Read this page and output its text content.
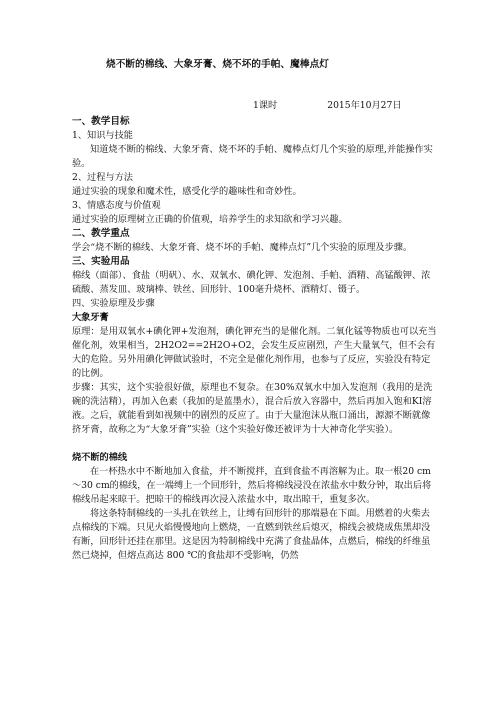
烧不断的棉线、大象牙膏、烧不坏的手帕、魔棒点灯
1课时	2015年10月27日
一、教学目标

1、知识与技能

知道烧不断的棉线、大象牙膏、烧不坏的手帕、魔棒点灯几个实验的原理,并能操作实验。

2、过程与方法

通过实验的现象和魔术性，感受化学的趣味性和奇妙性。

3、情感态度与价值观

通过实验的原理树立正确的价值观，培养学生的求知欲和学习兴趣。

二、教学重点

学会“烧不断的棉线、大象牙膏、烧不坏的手帕、魔棒点灯”几个实验的原理及步骤。

三、实验用品

棉线（面部）、食盐（明矾）、水、双氧水、碘化钾、发泡剂、手帕、酒精、高锰酸钾、浓硫酸、蒸发皿、玻璃棒、铁丝、回形针、100毫升烧杯、酒精灯、镊子。

四、实验原理及步骤

大象牙膏

原理：是用双氧水+碘化钾+发泡剂，碘化钾充当的是催化剂。二氧化锰等物质也可以充当催化剂，效果相当，2H2O2==2H2O+O2，会发生反应剧烈，产生大量氧气，但不会有大的危险。另外用碘化钾做试验时，不完全是催化剂作用，也参与了反应，实验没有特定的比例。

步骤：其实，这个实验很好做，原理也不复杂。在30%双氧水中加入发泡剂（我用的是洗碗的洗洁精），再加入色素（我加的是蓝墨水），混合后放入容器中，然后再加入饱和KI溶液。之后，就能看到如视频中的剧烈的反应了。由于大量泡沫从瓶口涌出，源源不断就像挤牙膏，故称之为“大象牙膏”实验（这个实验好像还被评为十大神奇化学实验）。

烧不断的棉线

在一杯热水中不断地加入食盐，并不断搅拌，直到食盐不再溶解为止。取一根20 cm～30 cm的棉线，在一端缚上一个回形针，然后将棉线浸没在浓盐水中数分钟，取出后将棉线吊起来晾干。把晾干的棉线再次浸入浓盐水中，取出晾干，重复多次。

将这条特制棉线的一头扎在铁丝上，让缚有回形针的那端悬在下面。用燃着的火柴去点棉线的下端。只见火焰慢慢地向上燃烧，一直燃到铁丝后熄灭，棉线会被烧成焦黑却没有断，回形针还挂在那里。这是因为特制棉线中充满了食盐晶体，点燃后，棉线的纤维虽然已烧掉，但熔点高达 800 ℃的食盐却不受影响，仍然
